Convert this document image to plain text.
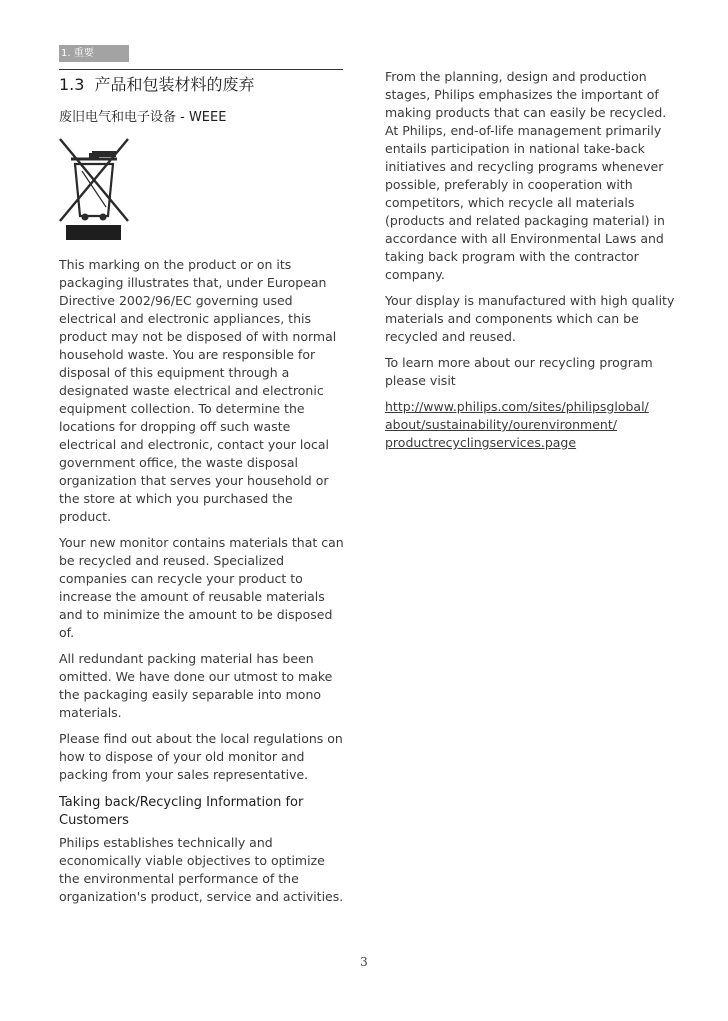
1. 重要
1.3 产品和包装材料的废弃
废旧电气和电子设备 - WEEE

This marking on the product or on its packaging illustrates that, under European Directive 2002/96/EC governing used electrical and electronic appliances, this product may not be disposed of with normal household waste. You are responsible for disposal of this equipment through a designated waste electrical and electronic equipment collection. To determine the locations for dropping off such waste electrical and electronic, contact your local government office, the waste disposal organization that serves your household or the store at which you purchased the product.

Your new monitor contains materials that can be recycled and reused. Specialized companies can recycle your product to increase the amount of reusable materials and to minimize the amount to be disposed of.

All redundant packing material has been omitted. We have done our utmost to make the packaging easily separable into mono materials.

Please find out about the local regulations on how to dispose of your old monitor and packing from your sales representative.

Taking back/Recycling Information for Customers

Philips establishes technically and economically viable objectives to optimize the environmental performance of the organization's product, service and activities.

From the planning, design and production stages, Philips emphasizes the important of making products that can easily be recycled. At Philips, end-of-life management primarily entails participation in national take-back initiatives and recycling programs whenever possible, preferably in cooperation with competitors, which recycle all materials (products and related packaging material) in accordance with all Environmental Laws and taking back program with the contractor company.

Your display is manufactured with high quality materials and components which can be recycled and reused.

To learn more about our recycling program please visit

http://www.philips.com/sites/philipsglobal/
about/sustainability/ourenvironment/
productrecyclingservices.page

3
